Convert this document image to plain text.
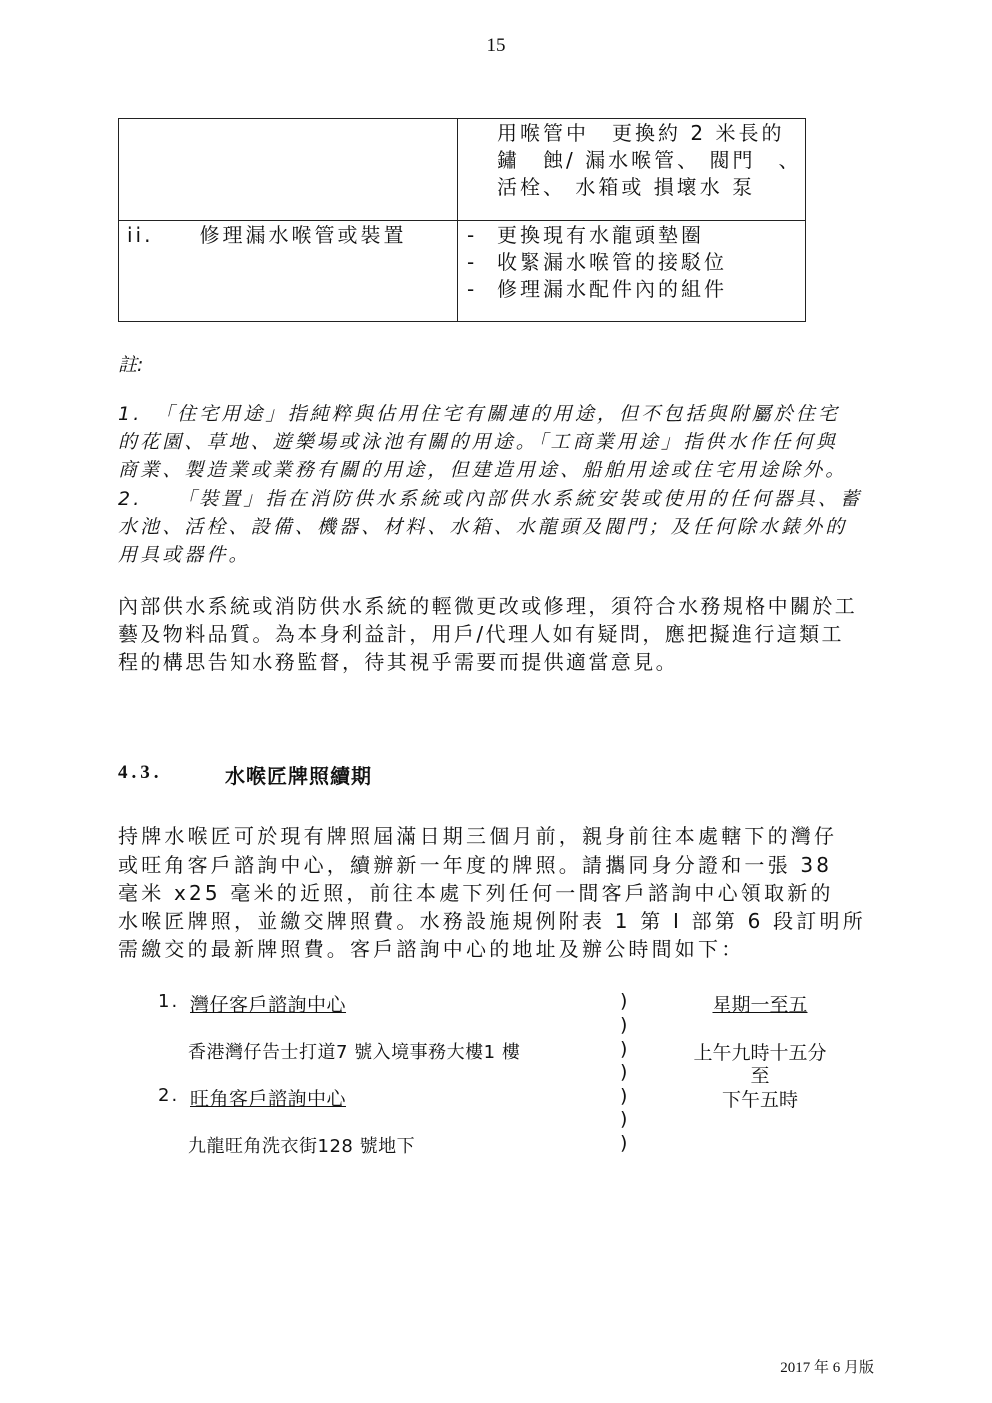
15
用喉管中　更換約 2 米長的
鏽　蝕/ 漏水喉管、 閥門　、
活栓、 水箱或 損壞水 泵
ii.　　修理漏水喉管或裝置	- 更換現有水龍頭墊圈
- 收緊漏水喉管的接駁位
- 修理漏水配件內的組件
註:
1.　「住宅用途」指純粹與佔用住宅有關連的用途，但不包括與附屬於住宅
的花園、草地、遊樂場或泳池有關的用途。「工商業用途」指供水作任何與
商業、製造業或業務有關的用途，但建造用途、船舶用途或住宅用途除外。
2.　　「裝置」指在消防供水系統或內部供水系統安裝或使用的任何器具、蓄
水池、活栓、設備、機器、材料、水箱、水龍頭及閥門；及任何除水錶外的
用具或器件。
內部供水系統或消防供水系統的輕微更改或修理，須符合水務規格中關於工
藝及物料品質。為本身利益計，用戶/代理人如有疑問，應把擬進行這類工
程的構思告知水務監督，待其視乎需要而提供適當意見。
4.3.	水喉匠牌照續期
持牌水喉匠可於現有牌照屆滿日期三個月前，親身前往本處轄下的灣仔
或旺角客戶諮詢中心，續辦新一年度的牌照。請攜同身分證和一張 38
毫米 x25 毫米的近照，前往本處下列任何一間客戶諮詢中心領取新的
水喉匠牌照，並繳交牌照費。水務設施規例附表 1 第 I 部第 6 段訂明所
需繳交的最新牌照費。客戶諮詢中心的地址及辦公時間如下：
1. 灣仔客戶諮詢中心
香港灣仔告士打道7 號入境事務大樓1 樓
2. 旺角客戶諮詢中心
九龍旺角洗衣街128 號地下
)
)
)
)
)
)
)
星期一至五
上午九時十五分
至
下午五時
2017 年 6 月版
